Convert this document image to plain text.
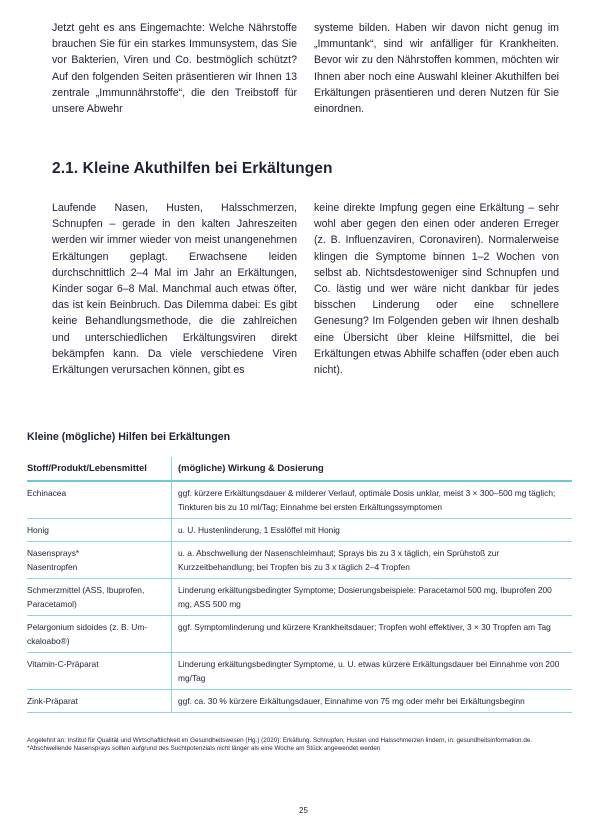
Jetzt geht es ans Eingemachte: Welche Nährstoffe brauchen Sie für ein starkes Immunsystem, das Sie vor Bakterien, Viren und Co. bestmöglich schützt? Auf den folgenden Seiten präsentieren wir Ihnen 13 zentrale „Immunnährstoffe“, die den Treibstoff für unsere Abwehr

systeme bilden. Haben wir davon nicht genug im „Immuntank“, sind wir anfälliger für Krankheiten. Bevor wir zu den Nährstoffen kommen, möchten wir Ihnen aber noch eine Auswahl kleiner Akuthilfen bei Erkältungen präsentieren und deren Nutzen für Sie einordnen.

2.1. Kleine Akuthilfen bei Erkältungen

Laufende Nasen, Husten, Halsschmerzen, Schnupfen – gerade in den kalten Jahreszeiten werden wir immer wieder von meist unangenehmen Erkältungen geplagt. Erwachsene leiden durchschnittlich 2–4 Mal im Jahr an Erkältungen, Kinder sogar 6–8 Mal. Manchmal auch etwas öfter, das ist kein Beinbruch. Das Dilemma dabei: Es gibt keine Behandlungsmethode, die die zahlreichen und unterschiedlichen Erkältungsviren direkt bekämpfen kann. Da viele verschiedene Viren Erkältungen verursachen können, gibt es

keine direkte Impfung gegen eine Erkältung – sehr wohl aber gegen den einen oder anderen Erreger (z. B. Influenzaviren, Coronaviren). Normalerweise klingen die Symptome binnen 1–2 Wochen von selbst ab. Nichtsdestoweniger sind Schnupfen und Co. lästig und wer wäre nicht dankbar für jedes bisschen Linderung oder eine schnellere Genesung? Im Folgenden geben wir Ihnen deshalb eine Übersicht über kleine Hilfsmittel, die bei Erkältungen etwas Abhilfe schaffen (oder eben auch nicht).

Kleine (mögliche) Hilfen bei Erkältungen
Stoff/Produkt/Lebensmittel	(mögliche) Wirkung & Dosierung
Echinacea	ggf. kürzere Erkältungsdauer & milderer Verlauf, optimale Dosis unklar, meist 3 × 300–500 mg täglich; Tinkturen bis zu 10 ml/Tag; Einnahme bei ersten Erkältungssymptomen
Honig	u. U. Hustenlinderung, 1 Esslöffel mit Honig
Nasensprays*
Nasentropfen	u. a. Abschwellung der Nasenschleimhaut; Sprays bis zu 3 x täglich, ein Sprühstoß zur Kurzzeitbehandlung; bei Tropfen bis zu 3 x täglich 2–4 Tropfen
Schmerzmittel (ASS, Ibuprofen, Paracetamol)	Linderung erkältungsbedingter Symptome; Dosierungsbeispiele: Paracetamol 500 mg, Ibuprofen 200 mg, ASS 500 mg
Pelargonium sidoides (z. B. Umckaloabo®)	ggf. Symptomlinderung und kürzere Krankheitsdauer; Tropfen wohl effektiver, 3 × 30 Tropfen am Tag
Vitamin-C-Präparat	Linderung erkältungsbedingter Symptome, u. U. etwas kürzere Erkältungsdauer bei Einnahme von 200 mg/Tag
Zink-Präparat	ggf. ca. 30 % kürzere Erkältungsdauer, Einnahme von 75 mg oder mehr bei Erkältungsbeginn

Angelehnt an: Institut für Qualität und Wirtschaftlichkeit im Gesundheitswesen (Hg.) (2020): Erkältung. Schnupfen, Husten und Halsschmerzen lindern, in: gesundheitsinformation.de.

*Abschwellende Nasensprays sollten aufgrund des Suchtpotenzials nicht länger als eine Woche am Stück angewendet werden

25
